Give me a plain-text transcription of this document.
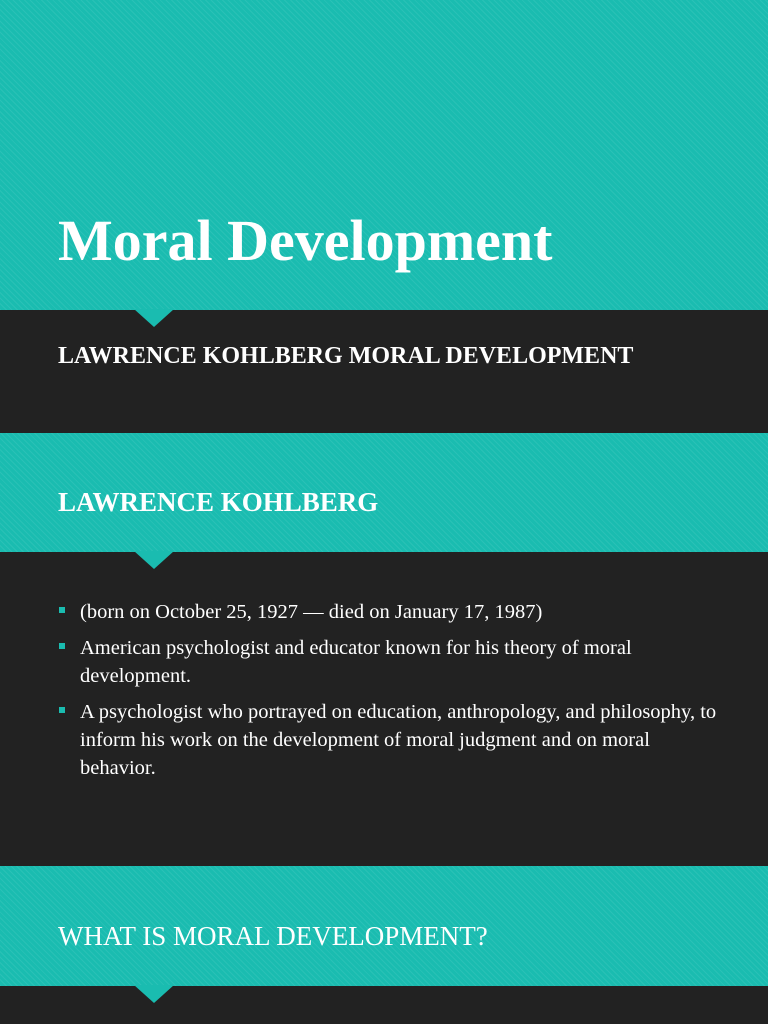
Moral Development
LAWRENCE KOHLBERG MORAL DEVELOPMENT
LAWRENCE KOHLBERG
(born on October 25, 1927 — died on January 17, 1987)
American psychologist and educator known for his theory of moral development.
A psychologist who portrayed on education, anthropology, and philosophy, to inform his work on the development of moral judgment and on moral behavior.
WHAT IS MORAL DEVELOPMENT?
